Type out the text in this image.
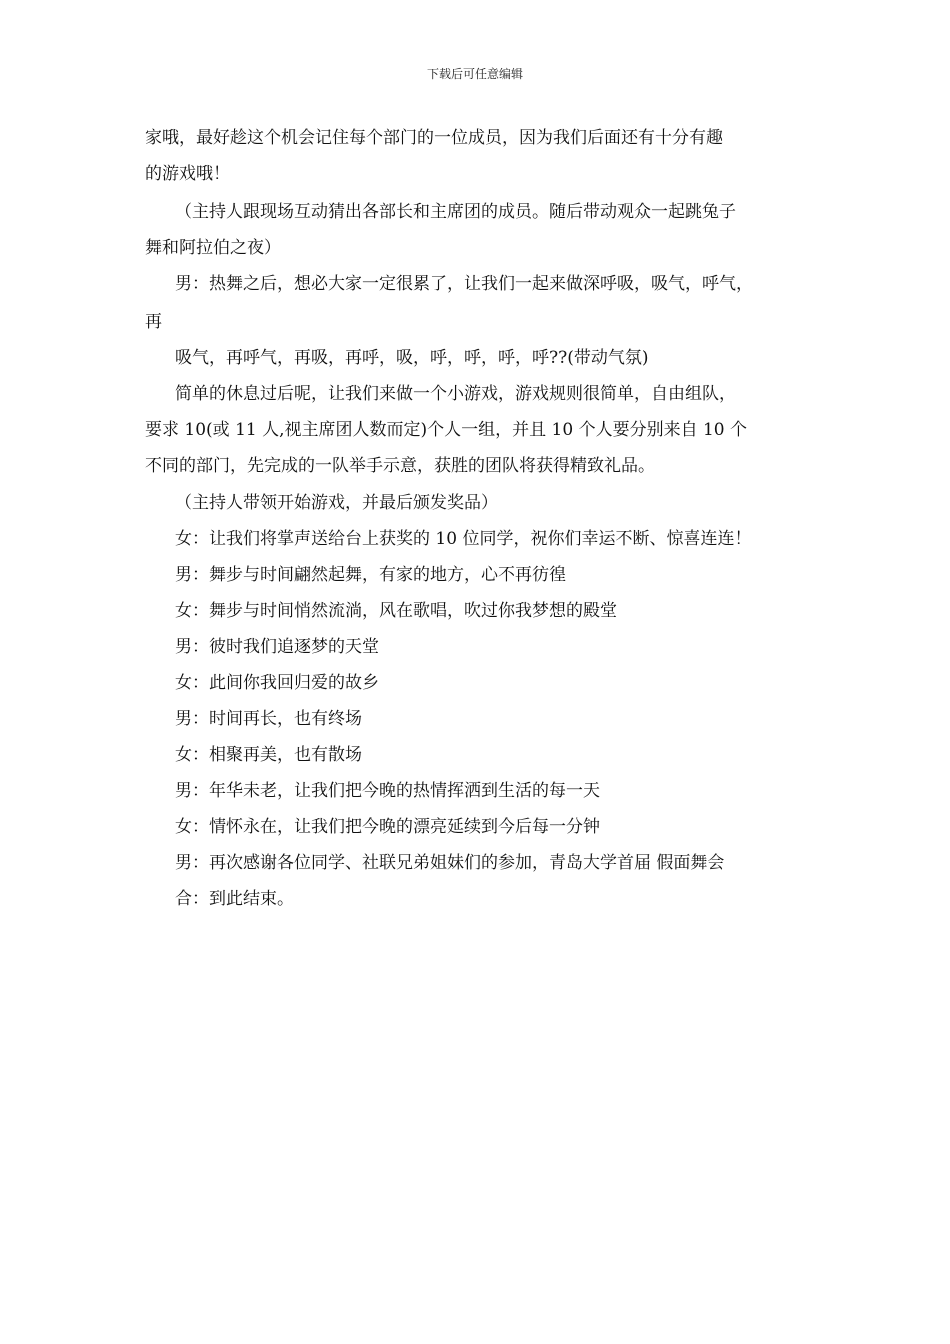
下载后可任意编辑
家哦，最好趁这个机会记住每个部门的一位成员，因为我们后面还有十分有趣
的游戏哦！
（主持人跟现场互动猜出各部长和主席团的成员。随后带动观众一起跳兔子
舞和阿拉伯之夜）
男：热舞之后，想必大家一定很累了，让我们一起来做深呼吸，吸气，呼气，
再
吸气，再呼气，再吸，再呼，吸，呼，呼，呼，呼??(带动气氛)
简单的休息过后呢，让我们来做一个小游戏，游戏规则很简单，自由组队，
要求 10(或 11 人,视主席团人数而定)个人一组，并且 10 个人要分别来自 10 个
不同的部门，先完成的一队举手示意，获胜的团队将获得精致礼品。
（主持人带领开始游戏，并最后颁发奖品）
女：让我们将掌声送给台上获奖的 10 位同学，祝你们幸运不断、惊喜连连！
男：舞步与时间翩然起舞，有家的地方，心不再彷徨
女：舞步与时间悄然流淌，风在歌唱，吹过你我梦想的殿堂
男：彼时我们追逐梦的天堂
女：此间你我回归爱的故乡
男：时间再长，也有终场
女：相聚再美，也有散场
男：年华未老，让我们把今晚的热情挥洒到生活的每一天
女：情怀永在，让我们把今晚的漂亮延续到今后每一分钟
男：再次感谢各位同学、社联兄弟姐妹们的参加，青岛大学首届 假面舞会
合：到此结束。
